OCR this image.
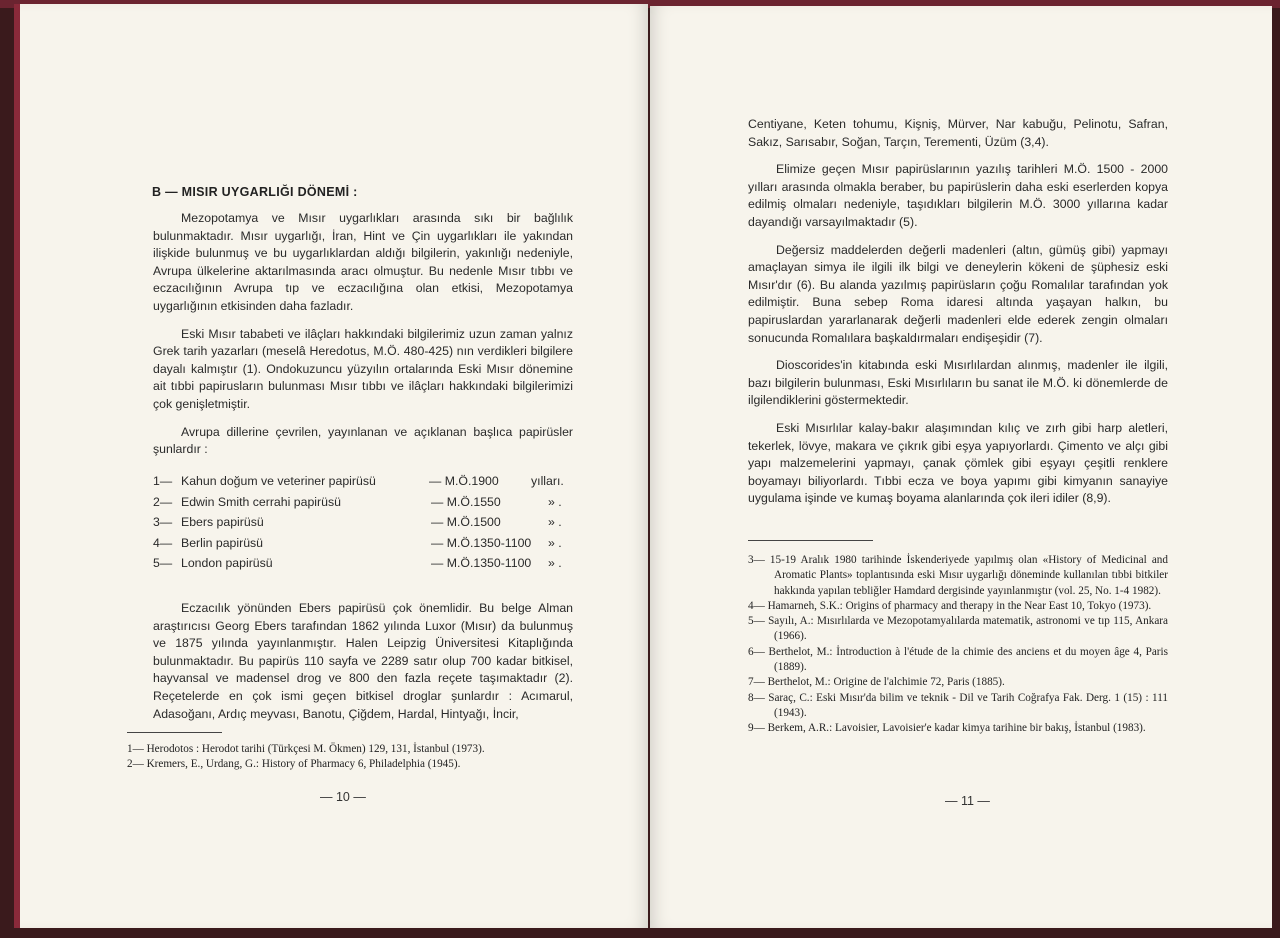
B — MISIR UYGARLIĞI DÖNEMİ :

Mezopotamya ve Mısır uygarlıkları arasında sıkı bir bağlılık bulunmaktadır. Mısır uygarlığı, İran, Hint ve Çin uygarlıkları ile yakından ilişkide bulunmuş ve bu uygarlıklardan aldığı bilgilerin, yakınlığı nedeniyle, Avrupa ülkelerine aktarılmasında aracı olmuştur. Bu nedenle Mısır tıbbı ve eczacılığının Avrupa tıp ve eczacılığına olan etkisi, Mezopotamya uygarlığının etkisinden daha fazladır.

Eski Mısır tababeti ve ilâçları hakkındaki bilgilerimiz uzun zaman yalnız Grek tarih yazarları (meselâ Heredotus, M.Ö. 480-425) nın verdikleri bilgilere dayalı kalmıştır (1). Ondokuzuncu yüzyılın ortalarında Eski Mısır dönemine ait tıbbi papirusların bulunması Mısır tıbbı ve ilâçları hakkındaki bilgilerimizi çok genişletmiştir.

Avrupa dillerine çevrilen, yayınlanan ve açıklanan başlıca papirüsler şunlardır :

1— Kahun doğum ve veteriner papirüsü	— M.Ö.1900	yılları.
2— Edwin Smith cerrahi papirüsü	— M.Ö.1550	» .
3— Ebers papirüsü	— M.Ö.1500	» .
4— Berlin papirüsü	— M.Ö.1350-1100 » .
5— London papirüsü	— M.Ö.1350-1100 » .

Eczacılık yönünden Ebers papirüsü çok önemlidir. Bu belge Alman araştırıcısı Georg Ebers tarafından 1862 yılında Luxor (Mısır) da bulunmuş ve 1875 yılında yayınlanmıştır. Halen Leipzig Üniversitesi Kitaplığında bulunmaktadır. Bu papirüs 110 sayfa ve 2289 satır olup 700 kadar bitkisel, hayvansal ve madensel drog ve 800 den fazla reçete taşımaktadır (2). Reçetelerde en çok ismi geçen bitkisel droglar şunlardır : Acımarul, Adasoğanı, Ardıç meyvası, Banotu, Çiğdem, Hardal, Hintyağı, İncir,

1— Herodotos : Herodot tarihi (Türkçesi M. Ökmen) 129, 131, İstanbul (1973).
2— Kremers, E., Urdang, G.: History of Pharmacy 6, Philadelphia (1945).
— 10 —

Centiyane, Keten tohumu, Kişniş, Mürver, Nar kabuğu, Pelinotu, Safran, Sakız, Sarısabır, Soğan, Tarçın, Terementi, Üzüm (3,4).

Elimize geçen Mısır papirüslarının yazılış tarihleri M.Ö. 1500 - 2000 yılları arasında olmakla beraber, bu papirüslerin daha eski eserlerden kopya edilmiş olmaları nedeniyle, taşıdıkları bilgilerin M.Ö. 3000 yıllarına kadar dayandığı varsayılmaktadır (5).

Değersiz maddelerden değerli madenleri (altın, gümüş gibi) yapmayı amaçlayan simya ile ilgili ilk bilgi ve deneylerin kökeni de şüphesiz eski Mısır'dır (6). Bu alanda yazılmış papirüsların çoğu Romalılar tarafından yok edilmiştir. Buna sebep Roma idaresi altında yaşayan halkın, bu papiruslardan yararlanarak değerli madenleri elde ederek zengin olmaları sonucunda Romalılara başkaldırmaları endişeşidir (7).

Dioscorides'in kitabında eski Mısırlılardan alınmış, madenler ile ilgili, bazı bilgilerin bulunması, Eski Mısırlıların bu sanat ile M.Ö. ki dönemlerde de ilgilendiklerini göstermektedir.

Eski Mısırlılar kalay-bakır alaşımından kılıç ve zırh gibi harp aletleri, tekerlek, lövye, makara ve çıkrık gibi eşya yapıyorlardı. Çimento ve alçı gibi yapı malzemelerini yapmayı, çanak çömlek gibi eşyayı çeşitli renklere boyamayı biliyorlardı. Tıbbi ecza ve boya yapımı gibi kimyanın sanayiye uygulama işinde ve kumaş boyama alanlarında çok ileri idiler (8,9).

3— 15-19 Aralık 1980 tarihinde İskenderiyede yapılmış olan «History of Medicinal and Aromatic Plants» toplantısında eski Mısır uygarlığı döneminde kullanılan tıbbi bitkiler hakkında yapılan tebliğler Hamdard dergisinde yayınlanmıştır (vol. 25, No. 1-4 1982).
4— Hamarneh, S.K.: Origins of pharmacy and therapy in the Near East 10, Tokyo (1973).
5— Sayılı, A.: Mısırlılarda ve Mezopotamyalılarda matematik, astronomi ve tıp 115, Ankara (1966).
6— Berthelot, M.: İntroduction à l'étude de la chimie des anciens et du moyen âge 4, Paris (1889).
7— Berthelot, M.: Origine de l'alchimie 72, Paris (1885).
8— Saraç, C.: Eski Mısır'da bilim ve teknik - Dil ve Tarih Coğrafya Fak. Derg. 1 (15) : 111 (1943).
9— Berkem, A.R.: Lavoisier, Lavoisier'e kadar kimya tarihine bir bakış, İstanbul (1983).
— 11 —
